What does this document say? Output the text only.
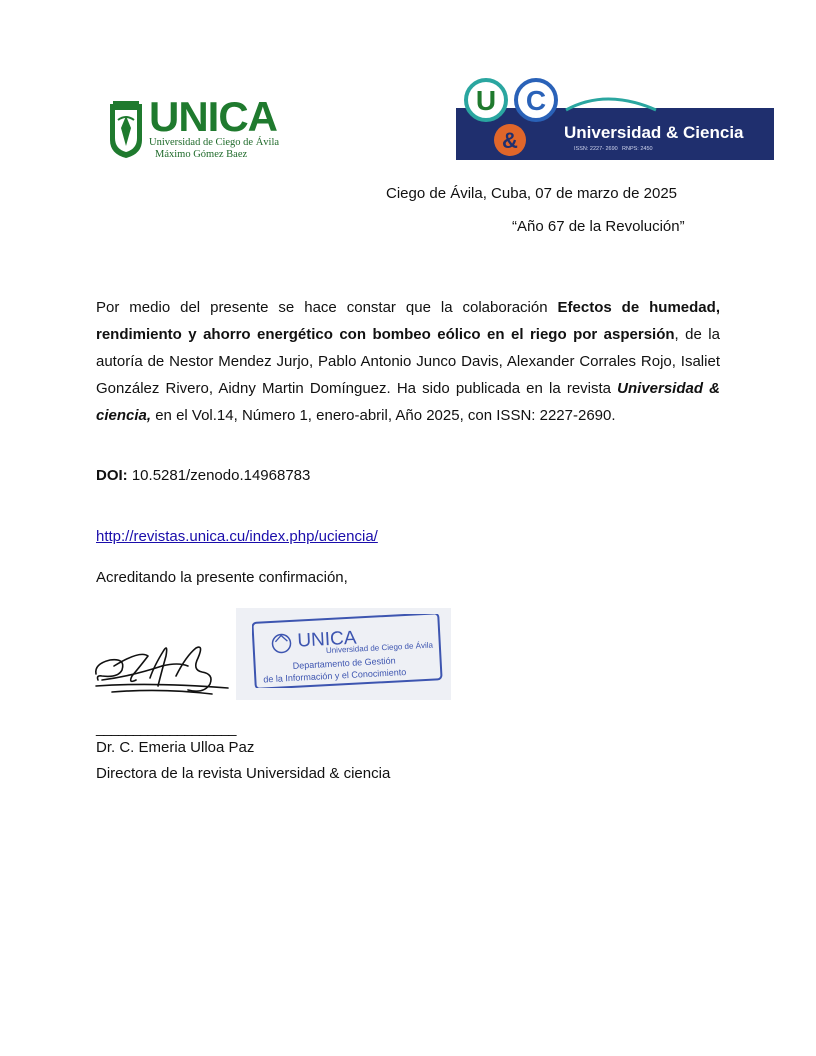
UNICA
Universidad de Ciego de Ávila
Máximo Gómez Baez
U C
&	Universidad & Ciencia
ISSN: 2227- 2690 RNPS: 2450
Ciego de Ávila, Cuba, 07 de marzo de 2025
“Año 67 de la Revolución”

Por medio del presente se hace constar que la colaboración Efectos de humedad, rendimiento y ahorro energético con bombeo eólico en el riego por aspersión, de la autoría de Nestor Mendez Jurjo, Pablo Antonio Junco Davis, Alexander Corrales Rojo, Isaliet González Rivero, Aidny Martin Domínguez. Ha sido publicada en la revista Universidad & ciencia, en el Vol.14, Número 1, enero-abril, Año 2025, con ISSN: 2227-2690.

DOI: 10.5281/zenodo.14968783
http://revistas.unica.cu/index.php/uciencia/
Acreditando la presente confirmación,
UNICA
Universidad de Ciego de Ávila
Departamento de Gestión
de la Información y el Conocimiento
___________________
Dr. C. Emeria Ulloa Paz
Directora de la revista Universidad & ciencia
